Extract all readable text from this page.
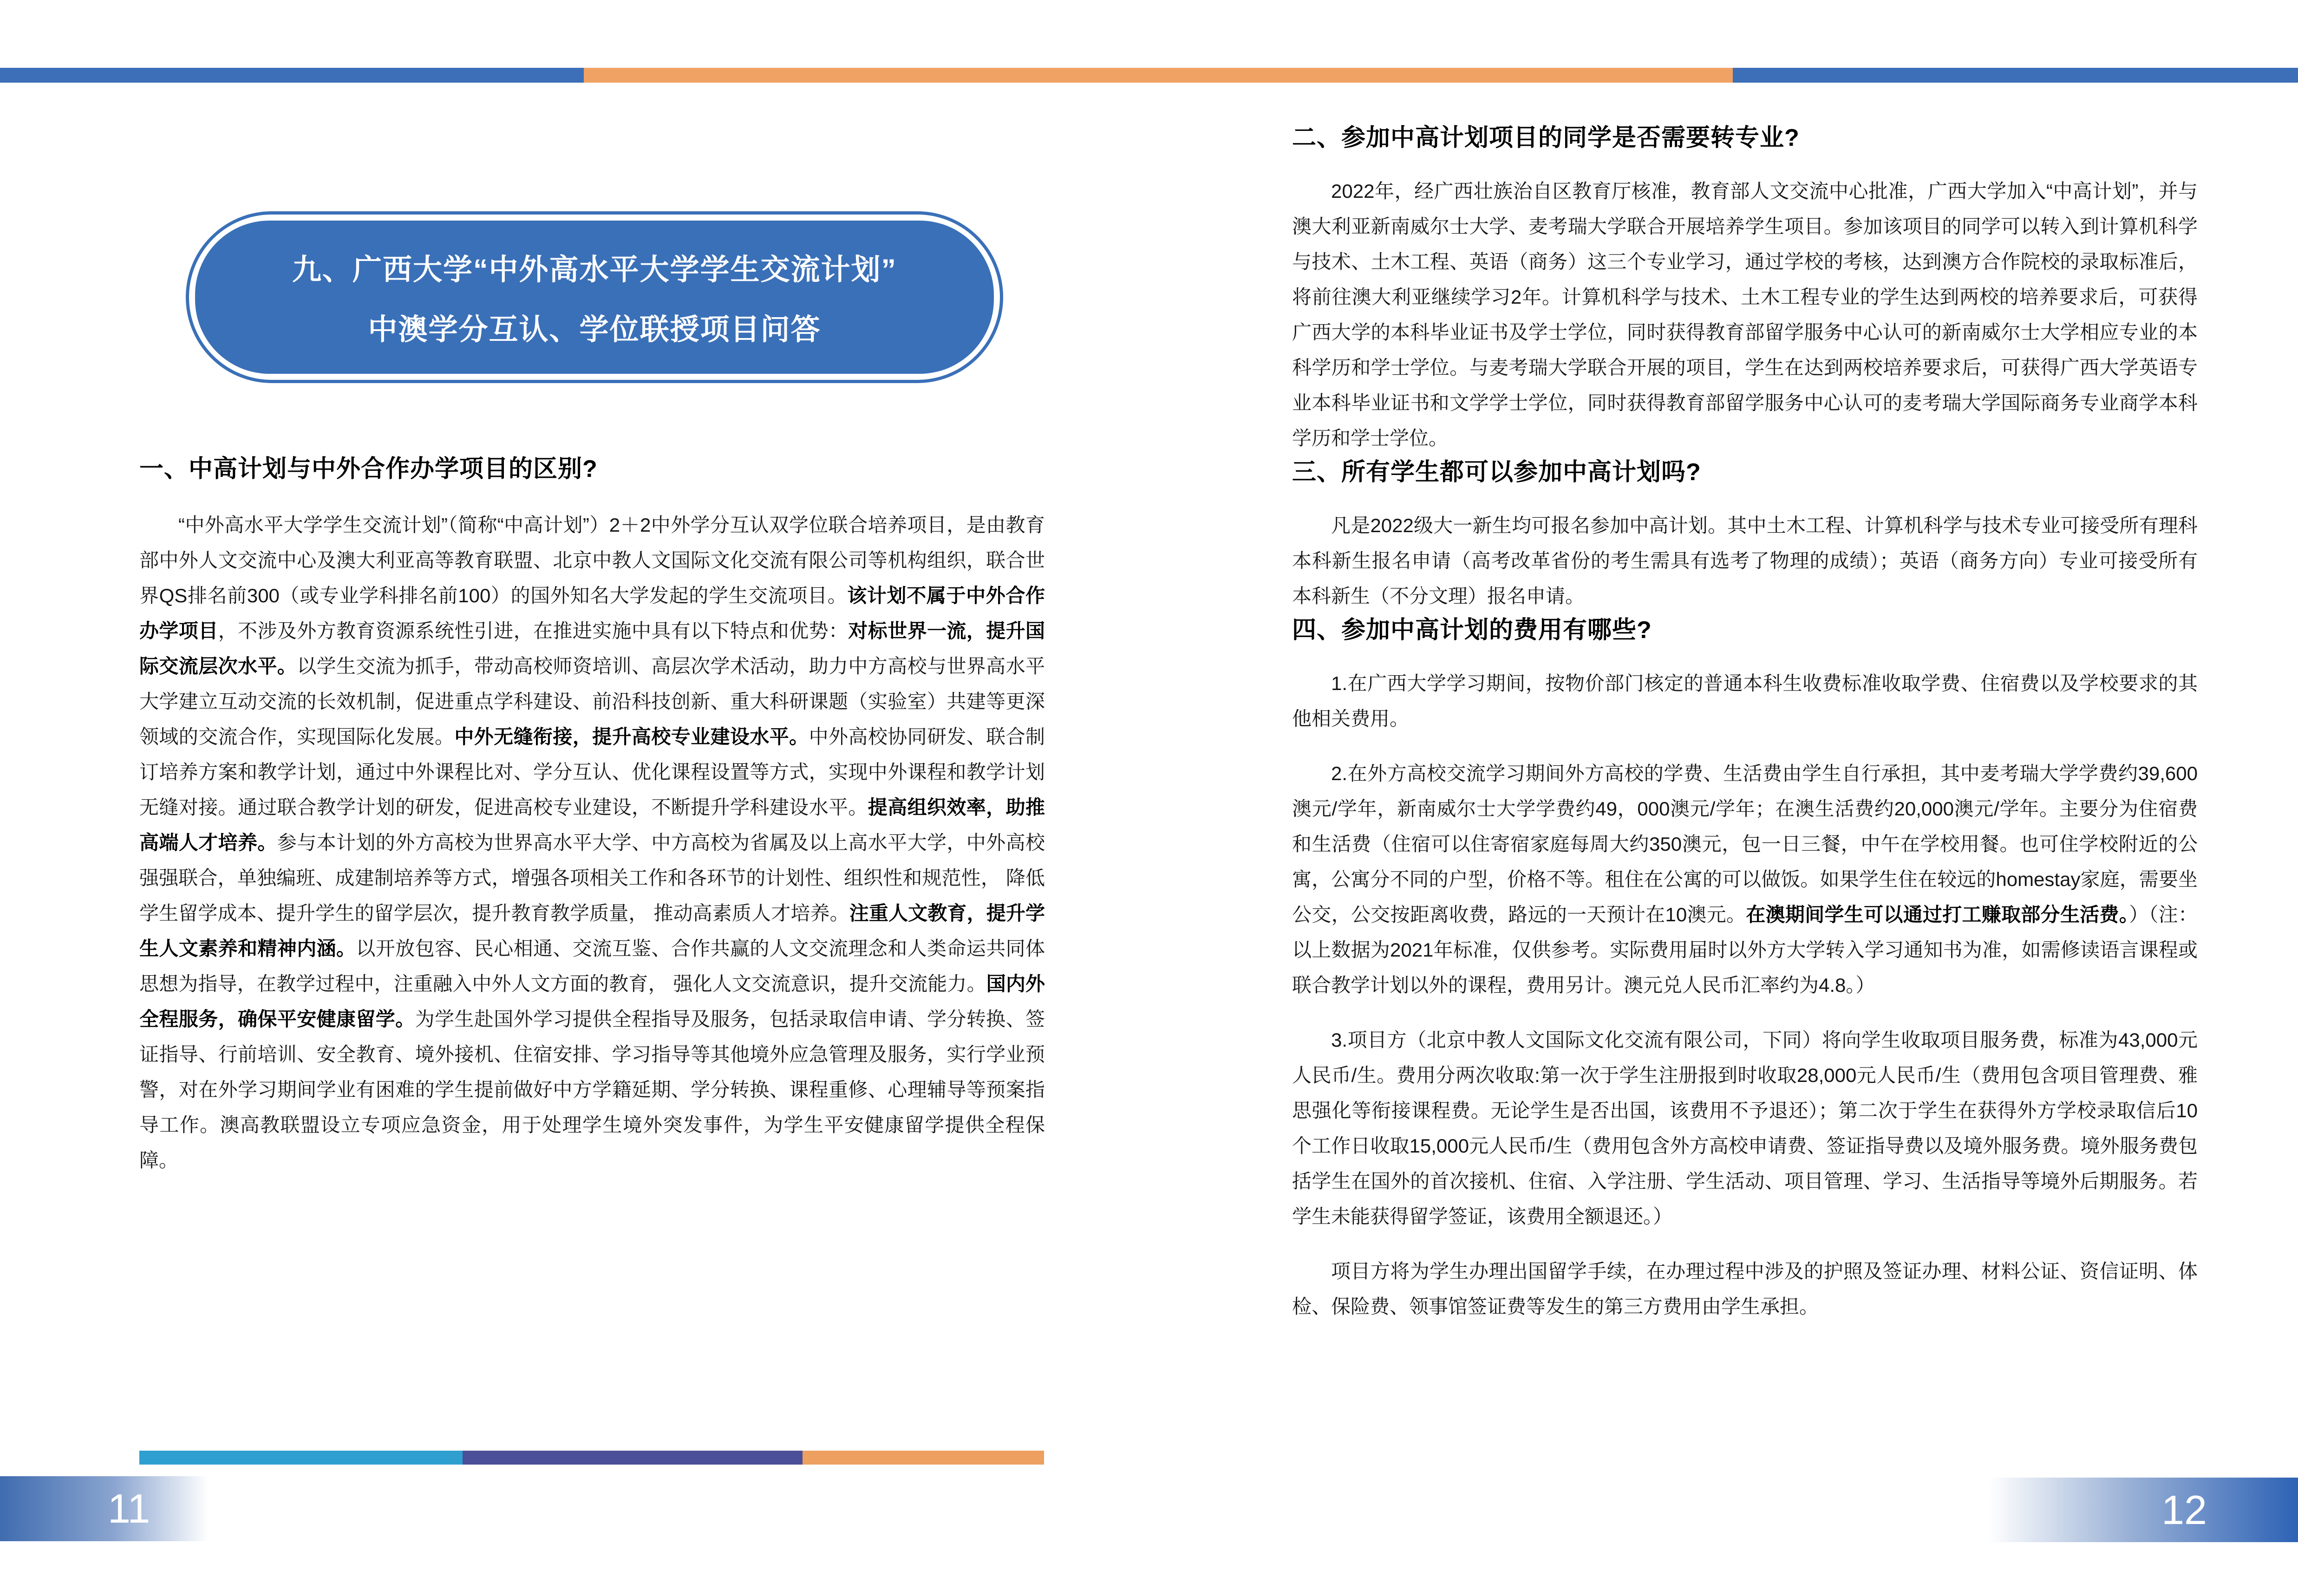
九、广西大学“中外高水平大学学生交流计划”
中澳学分互认、学位联授项目问答
一、中高计划与中外合作办学项目的区别?

“中外高水平大学学生交流计划”（简称“中高计划”）2＋2中外学分互认双学位联合培养项目，是由教育部中外人文交流中心及澳大利亚高等教育联盟、北京中教人文国际文化交流有限公司等机构组织，联合世界QS排名前300（或专业学科排名前100）的国外知名大学发起的学生交流项目。该计划不属于中外合作办学项目，不涉及外方教育资源系统性引进，在推进实施中具有以下特点和优势：对标世界一流，提升国际交流层次水平。以学生交流为抓手，带动高校师资培训、高层次学术活动，助力中方高校与世界高水平大学建立互动交流的长效机制，促进重点学科建设、前沿科技创新、重大科研课题（实验室）共建等更深领域的交流合作，实现国际化发展。中外无缝衔接，提升高校专业建设水平。中外高校协同研发、联合制订培养方案和教学计划，通过中外课程比对、学分互认、优化课程设置等方式，实现中外课程和教学计划无缝对接。通过联合教学计划的研发，促进高校专业建设，不断提升学科建设水平。提高组织效率，助推高端人才培养。参与本计划的外方高校为世界高水平大学、中方高校为省属及以上高水平大学，中外高校强强联合，单独编班、成建制培养等方式，增强各项相关工作和各环节的计划性、组织性和规范性， 降低学生留学成本、提升学生的留学层次，提升教育教学质量， 推动高素质人才培养。注重人文教育，提升学生人文素养和精神内涵。以开放包容、民心相通、交流互鉴、合作共赢的人文交流理念和人类命运共同体思想为指导，在教学过程中，注重融入中外人文方面的教育， 强化人文交流意识，提升交流能力。国内外全程服务，确保平安健康留学。为学生赴国外学习提供全程指导及服务，包括录取信申请、学分转换、签证指导、行前培训、安全教育、境外接机、住宿安排、学习指导等其他境外应急管理及服务，实行学业预警，对在外学习期间学业有困难的学生提前做好中方学籍延期、学分转换、课程重修、心理辅导等预案指导工作。澳高教联盟设立专项应急资金，用于处理学生境外突发事件，为学生平安健康留学提供全程保障。

二、参加中高计划项目的同学是否需要转专业?

2022年，经广西壮族治自区教育厅核准，教育部人文交流中心批准，广西大学加入“中高计划”，并与澳大利亚新南威尔士大学、麦考瑞大学联合开展培养学生项目。参加该项目的同学可以转入到计算机科学与技术、土木工程、英语（商务）这三个专业学习，通过学校的考核，达到澳方合作院校的录取标准后，将前往澳大利亚继续学习2年。计算机科学与技术、土木工程专业的学生达到两校的培养要求后，可获得广西大学的本科毕业证书及学士学位，同时获得教育部留学服务中心认可的新南威尔士大学相应专业的本科学历和学士学位。与麦考瑞大学联合开展的项目，学生在达到两校培养要求后，可获得广西大学英语专业本科毕业证书和文学学士学位，同时获得教育部留学服务中心认可的麦考瑞大学国际商务专业商学本科学历和学士学位。

三、所有学生都可以参加中高计划吗?

凡是2022级大一新生均可报名参加中高计划。其中土木工程、计算机科学与技术专业可接受所有理科本科新生报名申请（高考改革省份的考生需具有选考了物理的成绩）；英语（商务方向）专业可接受所有本科新生（不分文理）报名申请。

四、参加中高计划的费用有哪些?

1.在广西大学学习期间，按物价部门核定的普通本科生收费标准收取学费、住宿费以及学校要求的其他相关费用。

2.在外方高校交流学习期间外方高校的学费、生活费由学生自行承担，其中麦考瑞大学学费约39,600澳元/学年，新南威尔士大学学费约49，000澳元/学年；在澳生活费约20,000澳元/学年。主要分为住宿费和生活费（住宿可以住寄宿家庭每周大约350澳元，包一日三餐，中午在学校用餐。也可住学校附近的公寓，公寓分不同的户型，价格不等。租住在公寓的可以做饭。如果学生住在较远的homestay家庭，需要坐公交，公交按距离收费，路远的一天预计在10澳元。在澳期间学生可以通过打工赚取部分生活费。）（注：以上数据为2021年标准，仅供参考。实际费用届时以外方大学转入学习通知书为准，如需修读语言课程或联合教学计划以外的课程，费用另计。澳元兑人民币汇率约为4.8。）

3.项目方（北京中教人文国际文化交流有限公司，下同）将向学生收取项目服务费，标准为43,000元人民币/生。费用分两次收取:第一次于学生注册报到时收取28,000元人民币/生（费用包含项目管理费、雅思强化等衔接课程费。无论学生是否出国，该费用不予退还）；第二次于学生在获得外方学校录取信后10个工作日收取15,000元人民币/生（费用包含外方高校申请费、签证指导费以及境外服务费。境外服务费包括学生在国外的首次接机、住宿、入学注册、学生活动、项目管理、学习、生活指导等境外后期服务。若学生未能获得留学签证，该费用全额退还。）

项目方将为学生办理出国留学手续，在办理过程中涉及的护照及签证办理、材料公证、资信证明、体检、保险费、领事馆签证费等发生的第三方费用由学生承担。

11	12
